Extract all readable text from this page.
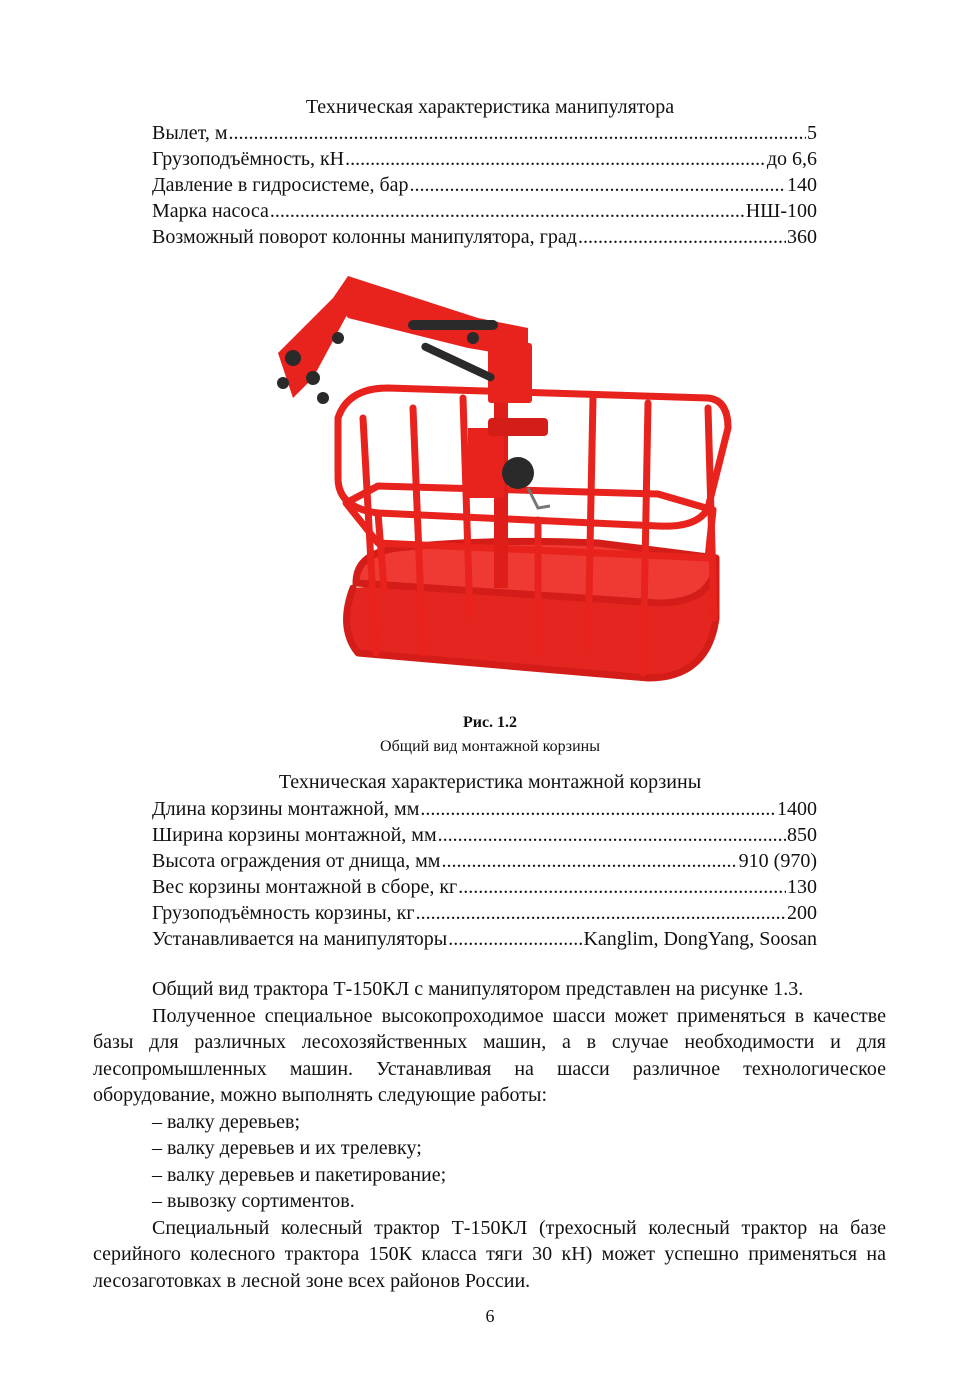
Техническая характеристика манипулятора
Вылет, м .....	5
Грузоподъёмность, кН .....	до 6,6
Давление в гидросистеме, бар .....	140
Марка насоса .....	НШ-100
Возможный поворот колонны манипулятора, град .....	360
Рис. 1.2
Общий вид монтажной корзины
Техническая характеристика монтажной корзины
Длина корзины монтажной, мм .....	1400
Ширина корзины монтажной, мм .....	850
Высота ограждения от днища, мм .....	910 (970)
Вес корзины монтажной в сборе, кг .....	130
Грузоподъёмность корзины, кг .....	200
Устанавливается на манипуляторы .....	Kanglim, DongYang, Soosan

Общий вид трактора Т-150КЛ с манипулятором представлен на рисунке 1.3.

Полученное специальное высокопроходимое шасси может применяться в качестве базы для различных лесохозяйственных машин, а в случае необходимости и для лесопромышленных машин. Устанавливая на шасси различное технологическое оборудование, можно выполнять следующие работы:

– валку деревьев;

– валку деревьев и их трелевку;

– валку деревьев и пакетирование;

– вывозку сортиментов.

Специальный колесный трактор Т-150КЛ (трехосный колесный трактор на базе серийного колесного трактора 150К класса тяги 30 кН) может успешно применяться на лесозаготовках в лесной зоне всех районов России.

6
